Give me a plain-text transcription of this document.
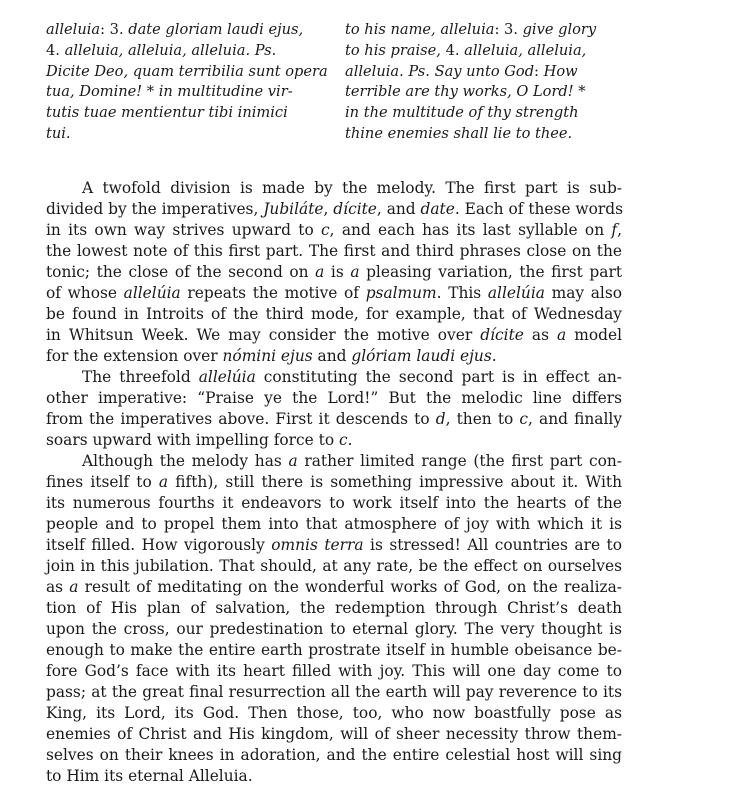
alleluia: 3. date gloriam laudi ejus,
4. alleluia, alleluia, alleluia. Ps.
Dicite Deo, quam terribilia sunt opera
tua, Domine! * in multitudine vir-
tutis tuae mentientur tibi inimici
tui.
to his name, alleluia: 3. give glory
to his praise, 4. alleluia, alleluia,
alleluia. Ps. Say unto God: How
terrible are thy works, O Lord! *
in the multitude of thy strength
thine enemies shall lie to thee.

A twofold division is made by the melody. The first part is sub-
divided by the imperatives, Jubiláte, dícite, and date. Each of these words
in its own way strives upward to c, and each has its last syllable on f,
the lowest note of this first part. The first and third phrases close on the
tonic; the close of the second on a is a pleasing variation, the first part
of whose allelúia repeats the motive of psalmum. This allelúia may also
be found in Introits of the third mode, for example, that of Wednesday
in Whitsun Week. We may consider the motive over dícite as a model
for the extension over nómini ejus and glóriam laudi ejus.

The threefold allelúia constituting the second part is in effect an-
other imperative: “Praise ye the Lord!” But the melodic line differs
from the imperatives above. First it descends to d, then to c, and finally
soars upward with impelling force to c.

Although the melody has a rather limited range (the first part con-
fines itself to a fifth), still there is something impressive about it. With
its numerous fourths it endeavors to work itself into the hearts of the
people and to propel them into that atmosphere of joy with which it is
itself filled. How vigorously omnis terra is stressed! All countries are to
join in this jubilation. That should, at any rate, be the effect on ourselves
as a result of meditating on the wonderful works of God, on the realiza-
tion of His plan of salvation, the redemption through Christ’s death
upon the cross, our predestination to eternal glory. The very thought is
enough to make the entire earth prostrate itself in humble obeisance be-
fore God’s face with its heart filled with joy. This will one day come to
pass; at the great final resurrection all the earth will pay reverence to its
King, its Lord, its God. Then those, too, who now boastfully pose as
enemies of Christ and His kingdom, will of sheer necessity throw them-
selves on their knees in adoration, and the entire celestial host will sing
to Him its eternal Alleluia.
